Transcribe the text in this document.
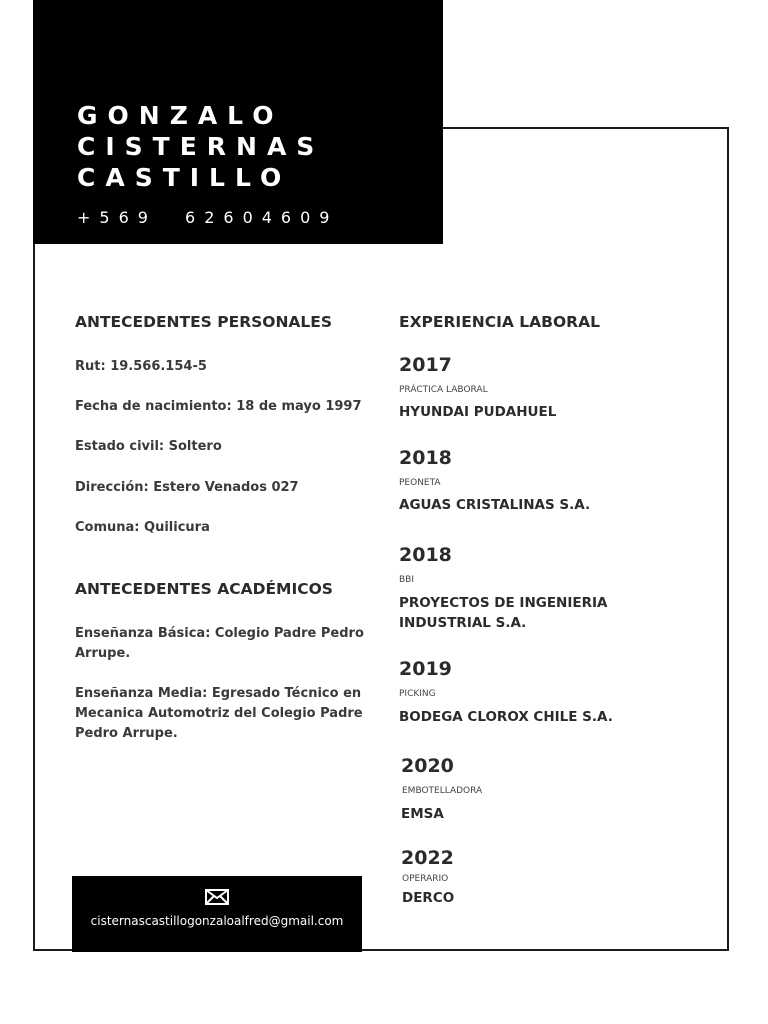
GONZALO
CISTERNAS
CASTILLO
+569 62604609
ANTECEDENTES PERSONALES
Rut: 19.566.154-5
Fecha de nacimiento: 18 de mayo 1997
Estado civil: Soltero
Dirección: Estero Venados 027
Comuna: Quilicura
ANTECEDENTES ACADÉMICOS
Enseñanza Básica: Colegio Padre Pedro Arrupe.
Enseñanza Media: Egresado Técnico en Mecanica Automotriz del Colegio Padre Pedro Arrupe.
EXPERIENCIA LABORAL
2017
PRÁCTICA LABORAL
HYUNDAI PUDAHUEL
2018
PEONETA
AGUAS CRISTALINAS S.A.
2018
BBI
PROYECTOS DE INGENIERIA INDUSTRIAL S.A.
2019
PICKING
BODEGA CLOROX CHILE S.A.
2020
EMBOTELLADORA
EMSA
2022
OPERARIO
DERCO
cisternascastillogonzaloalfred@gmail.com
